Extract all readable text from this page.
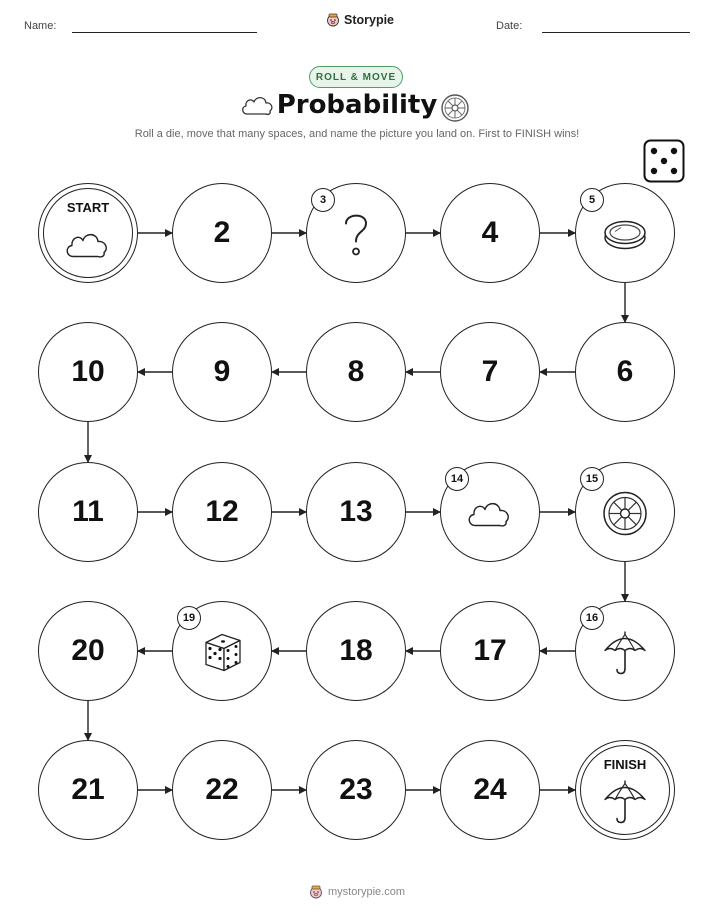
Name:	Storypie	Date:
ROLL & MOVE
Probability
Roll a die, move that many spaces, and name the picture you land on. First to FINISH wins!
START
2
3
4
5
6
7
8
9
10
11	12	13
14	15
16
17
18
19
20
21	22	23	24
FINISH
mystorypie.com
